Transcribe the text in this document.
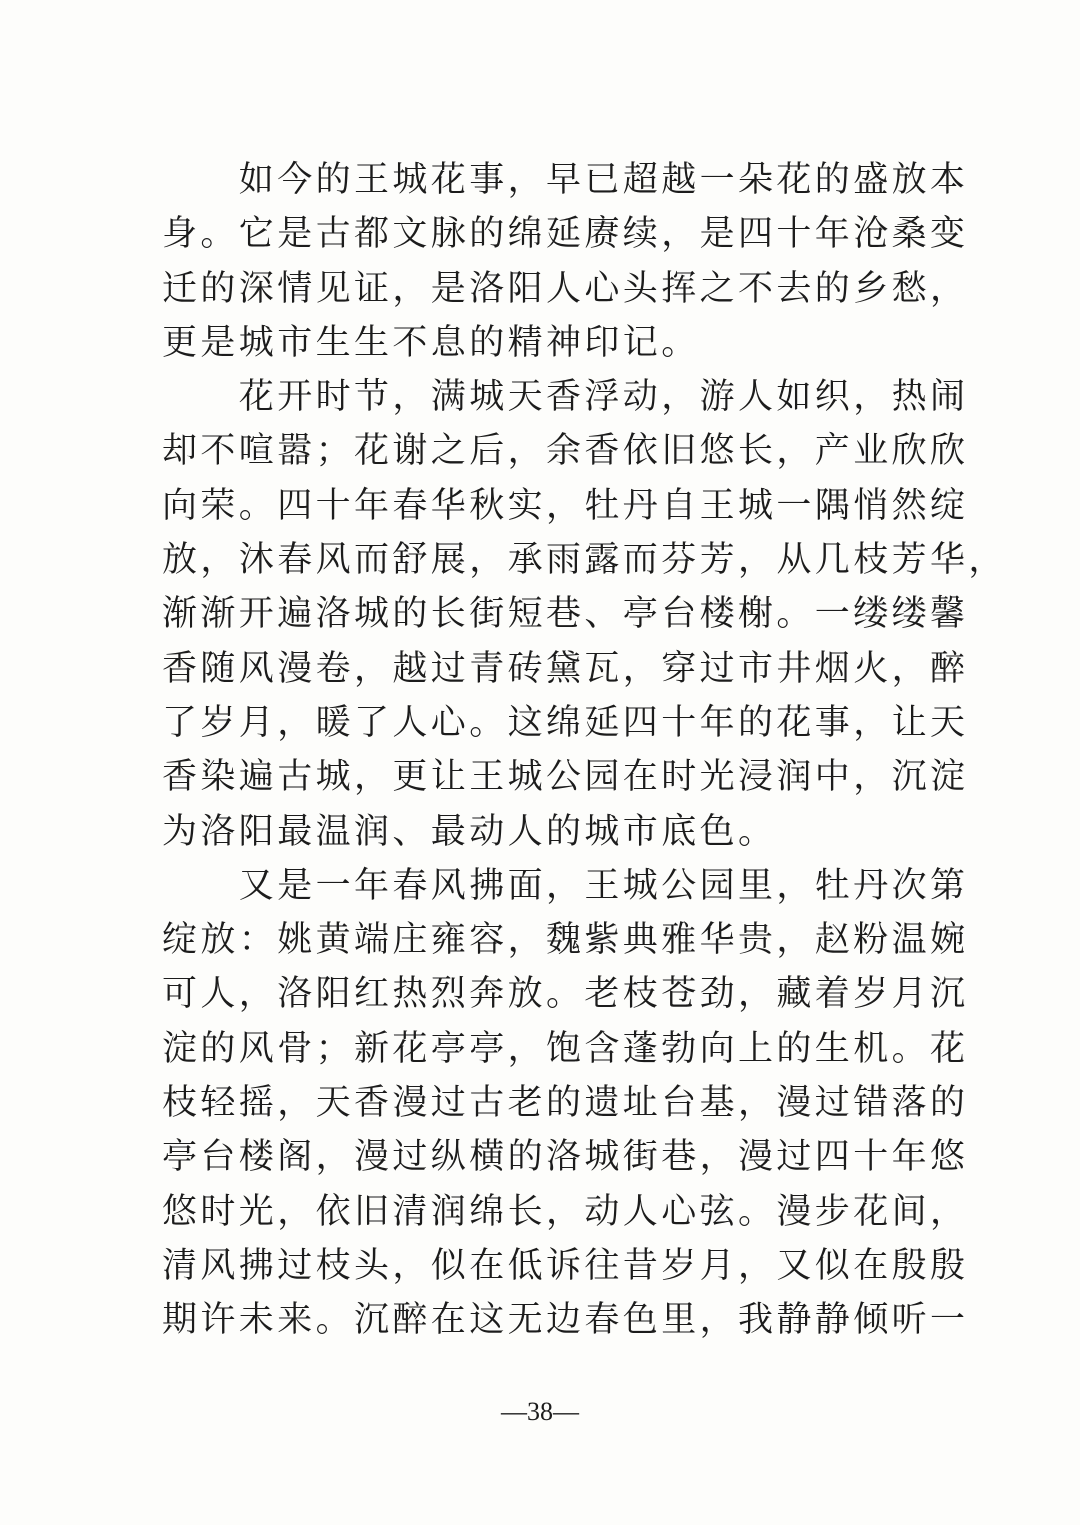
　　如今的王城花事，早已超越一朵花的盛放本
身。它是古都文脉的绵延赓续，是四十年沧桑变
迁的深情见证，是洛阳人心头挥之不去的乡愁，
更是城市生生不息的精神印记。
　　花开时节，满城天香浮动，游人如织，热闹
却不喧嚣；花谢之后，余香依旧悠长，产业欣欣
向荣。四十年春华秋实，牡丹自王城一隅悄然绽
放，沐春风而舒展，承雨露而芬芳，从几枝芳华，
渐渐开遍洛城的长街短巷、亭台楼榭。一缕缕馨
香随风漫卷，越过青砖黛瓦，穿过市井烟火，醉
了岁月，暖了人心。这绵延四十年的花事，让天
香染遍古城，更让王城公园在时光浸润中，沉淀
为洛阳最温润、最动人的城市底色。
　　又是一年春风拂面，王城公园里，牡丹次第
绽放：姚黄端庄雍容，魏紫典雅华贵，赵粉温婉
可人，洛阳红热烈奔放。老枝苍劲，藏着岁月沉
淀的风骨；新花亭亭，饱含蓬勃向上的生机。花
枝轻摇，天香漫过古老的遗址台基，漫过错落的
亭台楼阁，漫过纵横的洛城街巷，漫过四十年悠
悠时光，依旧清润绵长，动人心弦。漫步花间，
清风拂过枝头，似在低诉往昔岁月，又似在殷殷
期许未来。沉醉在这无边春色里，我静静倾听一
—38—
